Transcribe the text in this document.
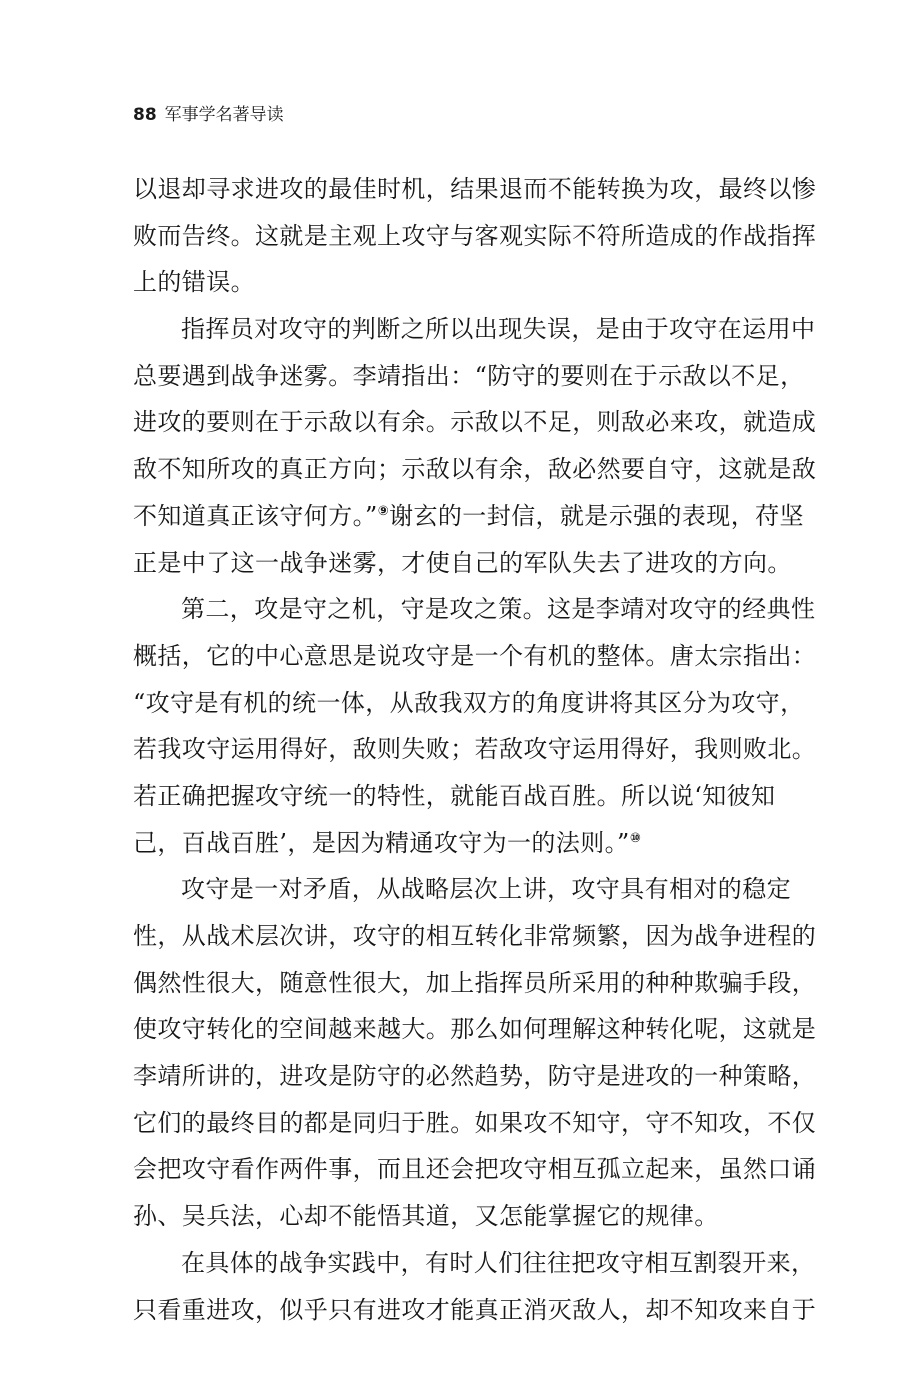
88 军事学名著导读
以退却寻求进攻的最佳时机，结果退而不能转换为攻，最终以惨
败而告终。这就是主观上攻守与客观实际不符所造成的作战指挥
上的错误。
指挥员对攻守的判断之所以出现失误，是由于攻守在运用中
总要遇到战争迷雾。李靖指出：“防守的要则在于示敌以不足，
进攻的要则在于示敌以有余。示敌以不足，则敌必来攻，就造成
敌不知所攻的真正方向；示敌以有余，敌必然要自守，这就是敌
不知道真正该守何方。”⑨谢玄的一封信，就是示强的表现，苻坚
正是中了这一战争迷雾，才使自己的军队失去了进攻的方向。
第二，攻是守之机，守是攻之策。这是李靖对攻守的经典性
概括，它的中心意思是说攻守是一个有机的整体。唐太宗指出：
“攻守是有机的统一体，从敌我双方的角度讲将其区分为攻守，
若我攻守运用得好，敌则失败；若敌攻守运用得好，我则败北。
若正确把握攻守统一的特性，就能百战百胜。所以说‘知彼知
己，百战百胜’，是因为精通攻守为一的法则。”⑩
攻守是一对矛盾，从战略层次上讲，攻守具有相对的稳定
性，从战术层次讲，攻守的相互转化非常频繁，因为战争进程的
偶然性很大，随意性很大，加上指挥员所采用的种种欺骗手段，
使攻守转化的空间越来越大。那么如何理解这种转化呢，这就是
李靖所讲的，进攻是防守的必然趋势，防守是进攻的一种策略，
它们的最终目的都是同归于胜。如果攻不知守，守不知攻，不仅
会把攻守看作两件事，而且还会把攻守相互孤立起来，虽然口诵
孙、吴兵法，心却不能悟其道，又怎能掌握它的规律。
在具体的战争实践中，有时人们往往把攻守相互割裂开来，
只看重进攻，似乎只有进攻才能真正消灭敌人，却不知攻来自于
